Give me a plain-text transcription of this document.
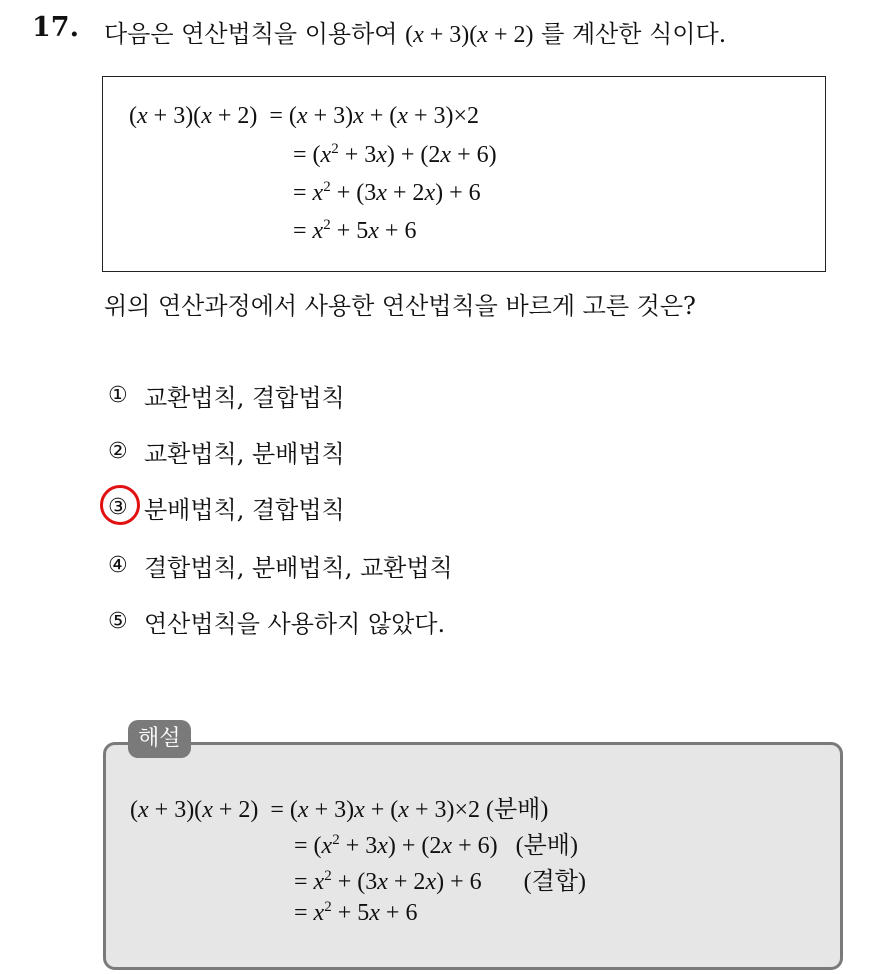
17. 다음은 연산법칙을 이용하여 (x + 3)(x + 2) 를 계산한 식이다.
(x + 3)(x + 2)  = (x + 3)x + (x + 3)×2
= $(x^2 + 3x) + (2x + 6)$
= $x^2 + (3x + 2x) + 6$
= $x^2 + 5x + 6$
위의 연산과정에서 사용한 연산법칙을 바르게 고른 것은?
① 교환법칙, 결합법칙
② 교환법칙, 분배법칙
③ 분배법칙, 결합법칙
④ 결합법칙, 분배법칙, 교환법칙
⑤ 연산법칙을 사용하지 않았다.
(x + 3)(x + 2)  = (x + 3)x + (x + 3)×2 (분배)
= $(x^2 + 3x) + (2x + 6)$   (분배)
= $x^2 + (3x + 2x) + 6$       (결합)
= $x^2 + 5x + 6$
해설
